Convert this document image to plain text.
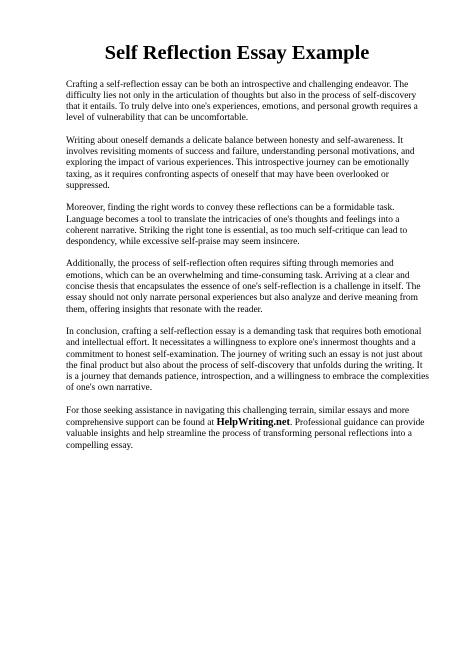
Self Reflection Essay Example

Crafting a self-reflection essay can be both an introspective and challenging endeavor. The difficulty lies not only in the articulation of thoughts but also in the process of self-discovery that it entails. To truly delve into one's experiences, emotions, and personal growth requires a level of vulnerability that can be uncomfortable.

Writing about oneself demands a delicate balance between honesty and self-awareness. It involves revisiting moments of success and failure, understanding personal motivations, and exploring the impact of various experiences. This introspective journey can be emotionally taxing, as it requires confronting aspects of oneself that may have been overlooked or suppressed.

Moreover, finding the right words to convey these reflections can be a formidable task. Language becomes a tool to translate the intricacies of one's thoughts and feelings into a coherent narrative. Striking the right tone is essential, as too much self-critique can lead to despondency, while excessive self-praise may seem insincere.

Additionally, the process of self-reflection often requires sifting through memories and emotions, which can be an overwhelming and time-consuming task. Arriving at a clear and concise thesis that encapsulates the essence of one's self-reflection is a challenge in itself. The essay should not only narrate personal experiences but also analyze and derive meaning from them, offering insights that resonate with the reader.

In conclusion, crafting a self-reflection essay is a demanding task that requires both emotional and intellectual effort. It necessitates a willingness to explore one's innermost thoughts and a commitment to honest self-examination. The journey of writing such an essay is not just about the final product but also about the process of self-discovery that unfolds during the writing. It is a journey that demands patience, introspection, and a willingness to embrace the complexities of one's own narrative.

For those seeking assistance in navigating this challenging terrain, similar essays and more comprehensive support can be found at HelpWriting.net. Professional guidance can provide valuable insights and help streamline the process of transforming personal reflections into a compelling essay.
